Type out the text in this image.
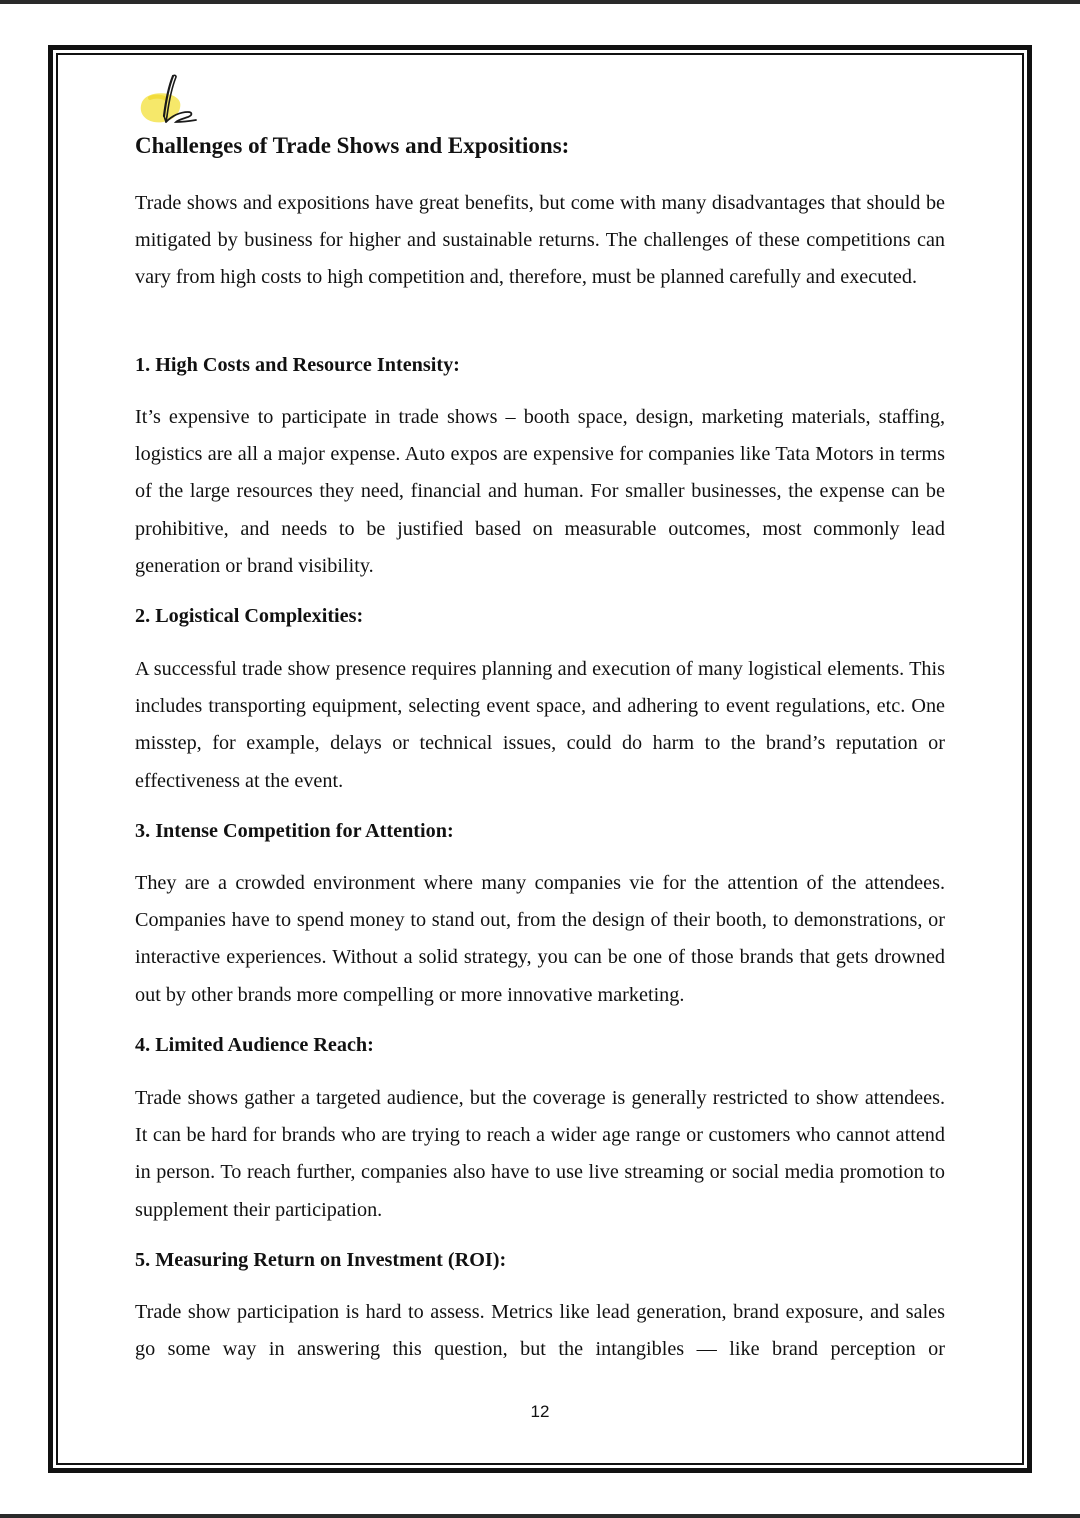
Challenges of Trade Shows and Expositions:

Trade shows and expositions have great benefits, but come with many disadvantages that should be mitigated by business for higher and sustainable returns. The challenges of these competitions can vary from high costs to high competition and, therefore, must be planned carefully and executed.

1. High Costs and Resource Intensity:

It’s expensive to participate in trade shows – booth space, design, marketing materials, staffing, logistics are all a major expense. Auto expos are expensive for companies like Tata Motors in terms of the large resources they need, financial and human. For smaller businesses, the expense can be prohibitive, and needs to be justified based on measurable outcomes, most commonly lead generation or brand visibility.

2. Logistical Complexities:

A successful trade show presence requires planning and execution of many logistical elements. This includes transporting equipment, selecting event space, and adhering to event regulations, etc. One misstep, for example, delays or technical issues, could do harm to the brand’s reputation or effectiveness at the event.

3. Intense Competition for Attention:

They are a crowded environment where many companies vie for the attention of the attendees. Companies have to spend money to stand out, from the design of their booth, to demonstrations, or interactive experiences. Without a solid strategy, you can be one of those brands that gets drowned out by other brands more compelling or more innovative marketing.

4. Limited Audience Reach:

Trade shows gather a targeted audience, but the coverage is generally restricted to show attendees. It can be hard for brands who are trying to reach a wider age range or customers who cannot attend in person. To reach further, companies also have to use live streaming or social media promotion to supplement their participation.

5. Measuring Return on Investment (ROI):

Trade show participation is hard to assess. Metrics like lead generation, brand exposure, and sales go some way in answering this question, but the intangibles — like brand perception or

12
